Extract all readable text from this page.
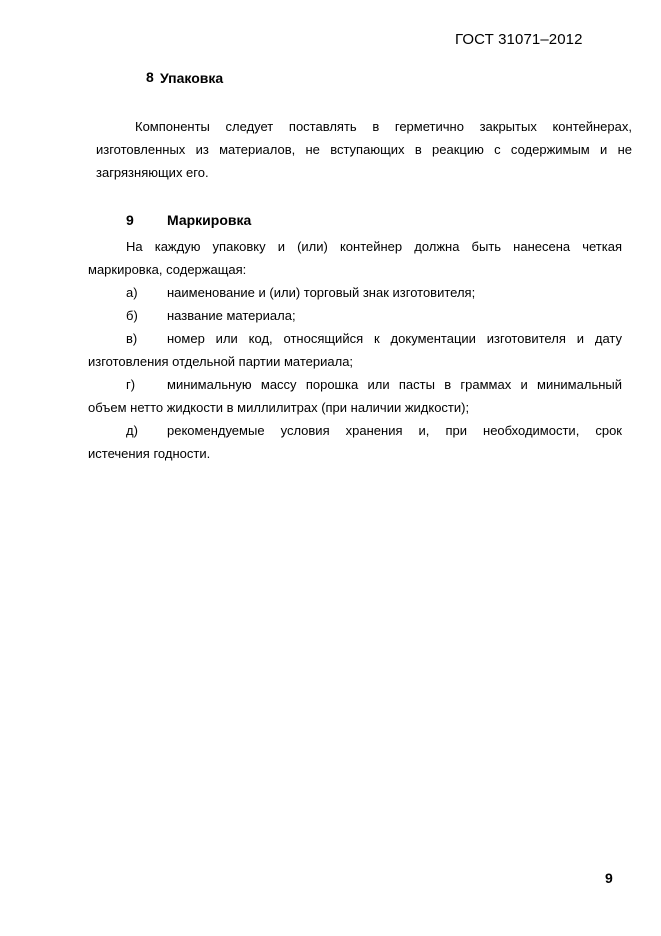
ГОСТ 31071–2012
8 Упаковка
Компоненты следует поставлять в герметично закрытых контейнерах,
изготовленных из материалов, не вступающих в реакцию с содержимым и не
загрязняющих его.
9 Маркировка
На каждую упаковку и (или) контейнер должна быть нанесена четкая
маркировка, содержащая:
а) наименование и (или) торговый знак изготовителя;
б) название материала;
в) номер или код, относящийся к документации изготовителя и дату
изготовления отдельной партии материала;
г) минимальную массу порошка или пасты в граммах и минимальный
объем нетто жидкости в миллилитрах (при наличии жидкости);
д) рекомендуемые условия хранения и, при необходимости, срок
истечения годности.
9
